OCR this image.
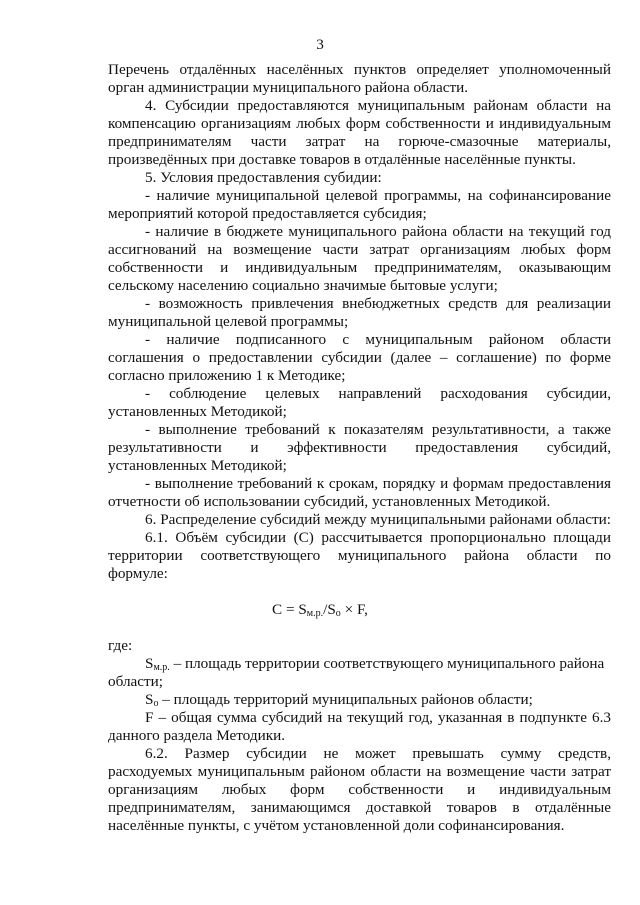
3
Перечень отдалённых населённых пунктов определяет уполномоченный
орган администрации муниципального района области.
4. Субсидии предоставляются муниципальным районам области на
компенсацию организациям любых форм собственности и индивидуальным
предпринимателям части затрат на горюче-смазочные материалы,
произведённых при доставке товаров в отдалённые населённые пункты.
5. Условия предоставления субидии:
- наличие муниципальной целевой программы, на софинансирование
мероприятий которой предоставляется субсидия;
- наличие в бюджете муниципального района области на текущий год
ассигнований на возмещение части затрат организациям любых форм
собственности и индивидуальным предпринимателям, оказывающим
сельскому населению социально значимые бытовые услуги;
- возможность привлечения внебюджетных средств для реализации
муниципальной целевой программы;
- наличие подписанного с муниципальным районом области
соглашения о предоставлении субсидии (далее – соглашение) по форме
согласно приложению 1 к Методике;
- соблюдение целевых направлений расходования субсидии,
установленных Методикой;
- выполнение требований к показателям результативности, а также
результативности и эффективности предоставления субсидий,
установленных Методикой;
- выполнение требований к срокам, порядку и формам предоставления
отчетности об использовании субсидий, установленных Методикой.
6. Распределение субсидий между муниципальными районами области:
6.1. Объём субсидии (С) рассчитывается пропорционально площади
территории соответствующего муниципального района области по
формуле:
$С = S_{м.р.}/S_o \times F$,
где:
$S_{м.р.}$ – площадь территории соответствующего муниципального района
области;
$S_o$ – площадь территорий муниципальных районов области;
F – общая сумма субсидий на текущий год, указанная в подпункте 6.3
данного раздела Методики.
6.2. Размер субсидии не может превышать сумму средств,
расходуемых муниципальным районом области на возмещение части затрат
организациям любых форм собственности и индивидуальным
предпринимателям, занимающимся доставкой товаров в отдалённые
населённые пункты, с учётом установленной доли софинансирования.
